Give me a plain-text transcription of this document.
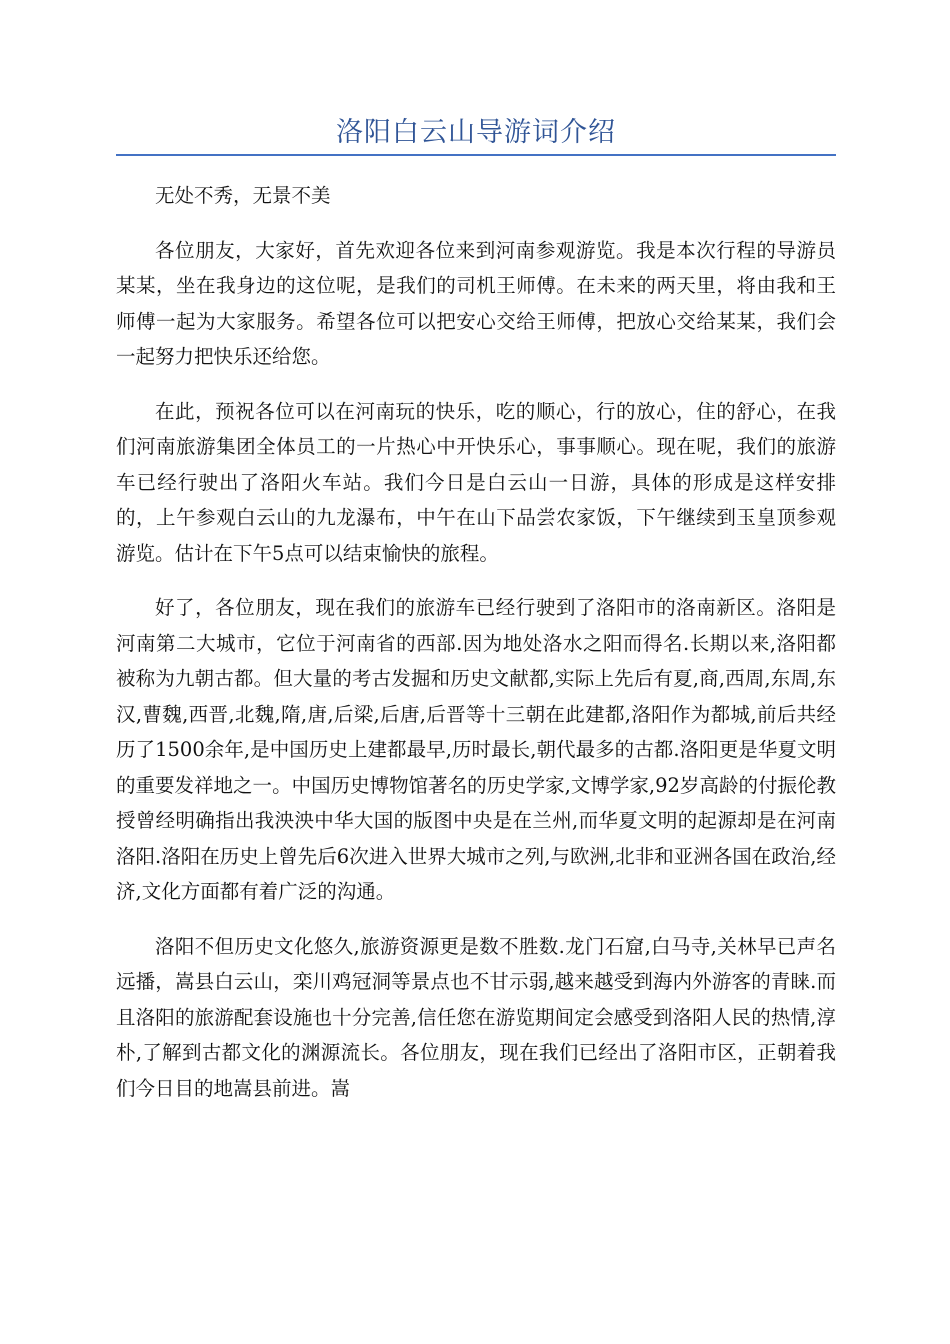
洛阳白云山导游词介绍

无处不秀，无景不美

各位朋友，大家好，首先欢迎各位来到河南参观游览。我是本次行程的导游员某某，坐在我身边的这位呢，是我们的司机王师傅。在未来的两天里，将由我和王师傅一起为大家服务。希望各位可以把安心交给王师傅，把放心交给某某，我们会一起努力把快乐还给您。

在此，预祝各位可以在河南玩的快乐，吃的顺心，行的放心，住的舒心，在我们河南旅游集团全体员工的一片热心中开快乐心，事事顺心。现在呢，我们的旅游车已经行驶出了洛阳火车站。我们今日是白云山一日游，具体的形成是这样安排的，上午参观白云山的九龙瀑布，中午在山下品尝农家饭，下午继续到玉皇顶参观游览。估计在下午5点可以结束愉快的旅程。

好了，各位朋友，现在我们的旅游车已经行驶到了洛阳市的洛南新区。洛阳是河南第二大城市，它位于河南省的西部.因为地处洛水之阳而得名.长期以来,洛阳都被称为九朝古都。但大量的考古发掘和历史文献都,实际上先后有夏,商,西周,东周,东汉,曹魏,西晋,北魏,隋,唐,后梁,后唐,后晋等十三朝在此建都,洛阳作为都城,前后共经历了1500余年,是中国历史上建都最早,历时最长,朝代最多的古都.洛阳更是华夏文明的重要发祥地之一。中国历史博物馆著名的历史学家,文博学家,92岁高龄的付振伦教授曾经明确指出我泱泱中华大国的版图中央是在兰州,而华夏文明的起源却是在河南洛阳.洛阳在历史上曾先后6次进入世界大城市之列,与欧洲,北非和亚洲各国在政治,经济,文化方面都有着广泛的沟通。

洛阳不但历史文化悠久,旅游资源更是数不胜数.龙门石窟,白马寺,关林早已声名远播，嵩县白云山，栾川鸡冠洞等景点也不甘示弱,越来越受到海内外游客的青睐.而且洛阳的旅游配套设施也十分完善,信任您在游览期间定会感受到洛阳人民的热情,淳朴,了解到古都文化的渊源流长。各位朋友，现在我们已经出了洛阳市区，正朝着我们今日目的地嵩县前进。嵩
